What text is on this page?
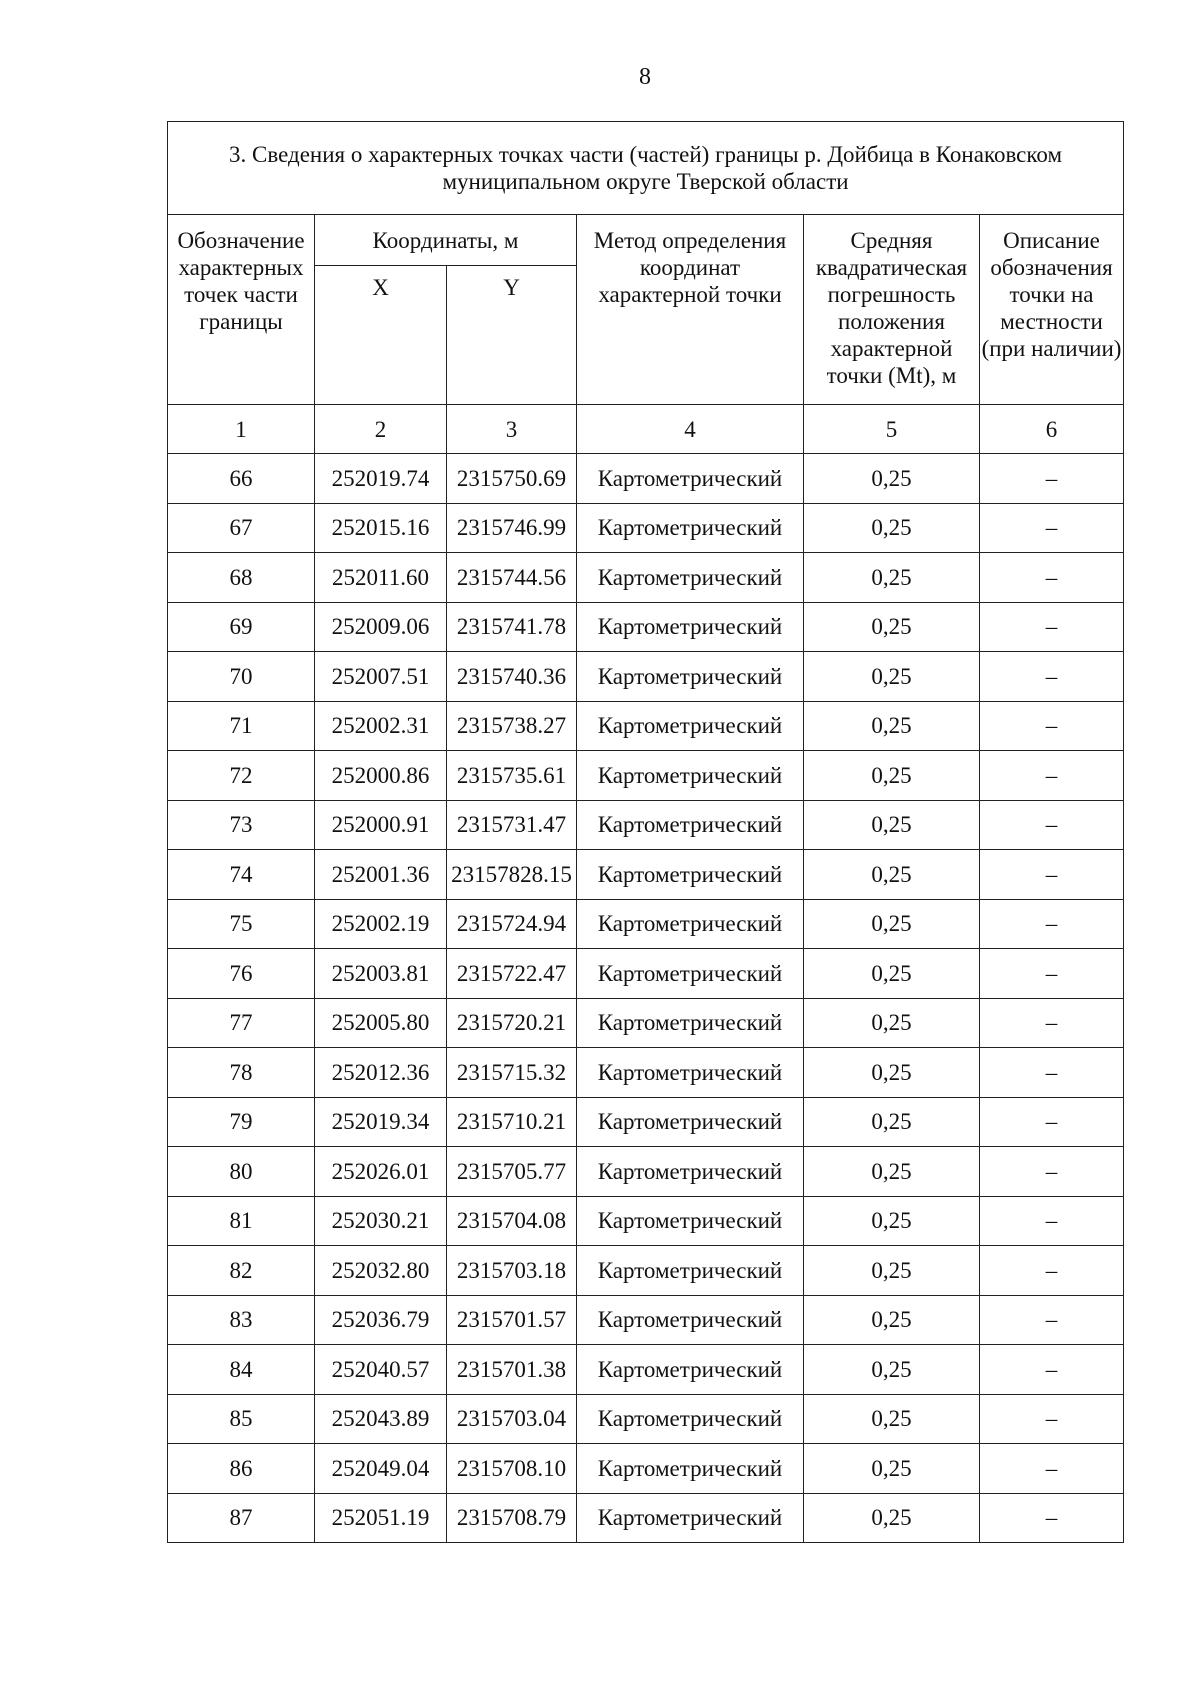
8
3. Сведения о характерных точках части (частей) границы р. Дойбица в Конаковском муниципальном округе Тверской области					
Обозначение характерных точек части границы	Координаты, м		Метод определения координат характерной точки	Средняя квадратическая погрешность положения характерной точки (Mt), м	Описание обозначения точки на местности (при наличии)
	X	Y			
1	2	3	4	5	6
66	252019.74	2315750.69	Картометрический	0,25	–
67	252015.16	2315746.99	Картометрический	0,25	–
68	252011.60	2315744.56	Картометрический	0,25	–
69	252009.06	2315741.78	Картометрический	0,25	–
70	252007.51	2315740.36	Картометрический	0,25	–
71	252002.31	2315738.27	Картометрический	0,25	–
72	252000.86	2315735.61	Картометрический	0,25	–
73	252000.91	2315731.47	Картометрический	0,25	–
74	252001.36	23157828.15	Картометрический	0,25	–
75	252002.19	2315724.94	Картометрический	0,25	–
76	252003.81	2315722.47	Картометрический	0,25	–
77	252005.80	2315720.21	Картометрический	0,25	–
78	252012.36	2315715.32	Картометрический	0,25	–
79	252019.34	2315710.21	Картометрический	0,25	–
80	252026.01	2315705.77	Картометрический	0,25	–
81	252030.21	2315704.08	Картометрический	0,25	–
82	252032.80	2315703.18	Картометрический	0,25	–
83	252036.79	2315701.57	Картометрический	0,25	–
84	252040.57	2315701.38	Картометрический	0,25	–
85	252043.89	2315703.04	Картометрический	0,25	–
86	252049.04	2315708.10	Картометрический	0,25	–
87	252051.19	2315708.79	Картометрический	0,25	–
